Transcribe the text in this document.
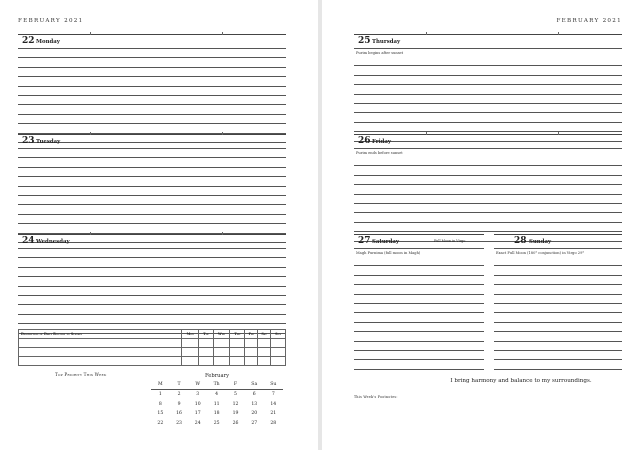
FEBRUARY 2021
22 Monday
23 Tuesday
24 Wednesday
Description of Daily Routine to Sustain	Mon	Tue	Wed	Thu	Fri	Sat	Sun

Top Priority This Week	February
M	T	W	Th	F	Sa	Su
1	2	3	4	5	6	7
8	9	10	11	12	13	14
15	16	17	18	19	20	21
22	23	24	25	26	27	28
FEBRUARY 2021
25 Thursday
Purim begins after sunset
26 Friday
Purim ends before sunset
27 Saturday	Full Moon in Virgo
Magh Purnima (full moon in Magh)
28 Sunday
Exact Full Moon (180° conjunction) in Virgo 29°
I bring harmony and balance to my surroundings.
This Week's Footnotes:
